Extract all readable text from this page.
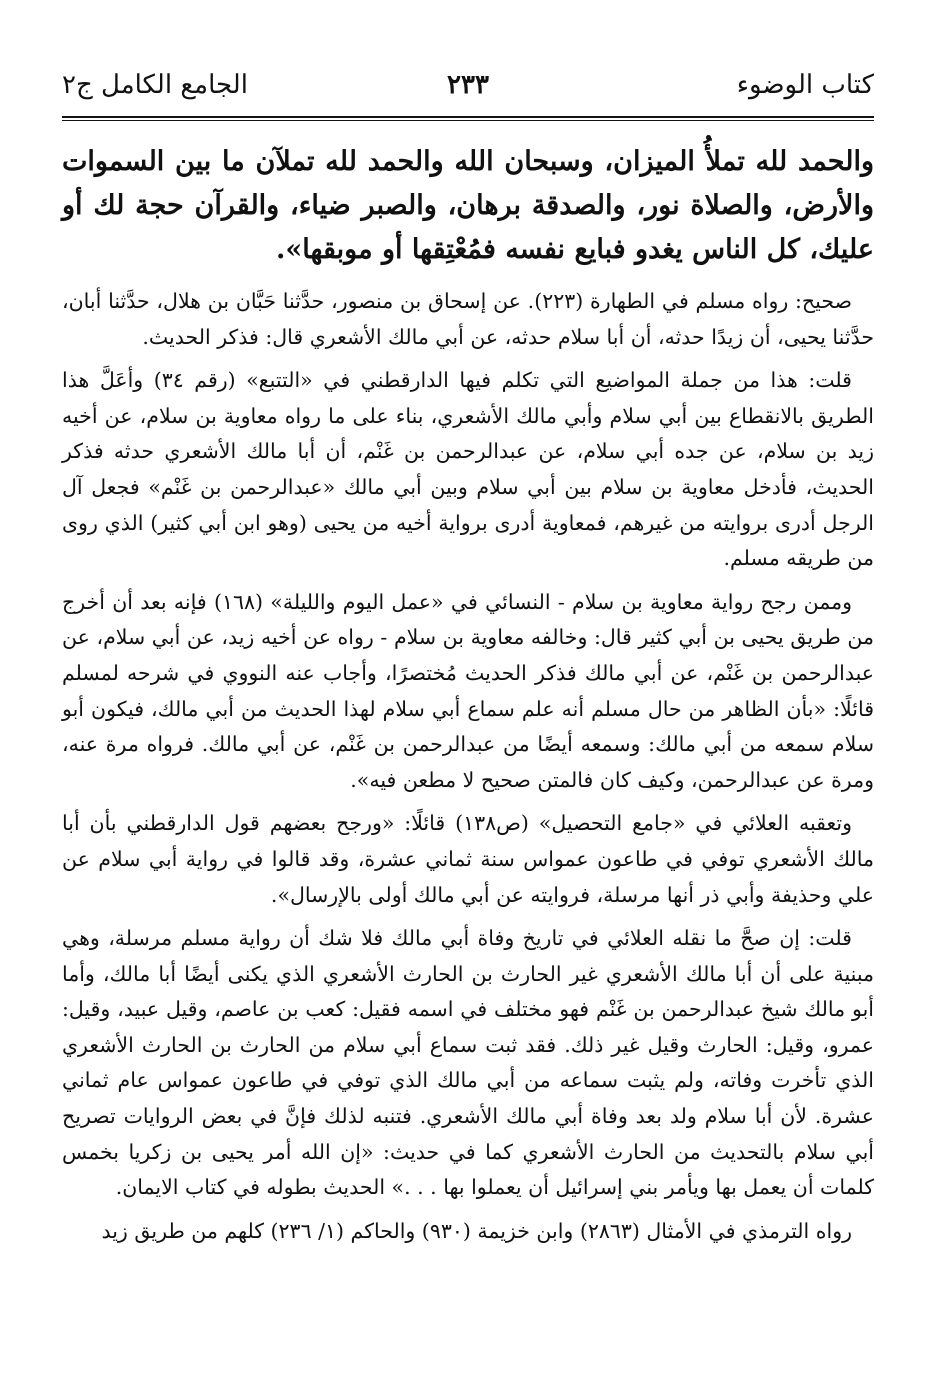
كتاب الوضوء
٢٣٣
الجامع الكامل ج٢

والحمد لله تملأُ الميزان، وسبحان الله والحمد لله تملآن ما بين السموات والأرض، والصلاة نور، والصدقة برهان، والصبر ضياء، والقرآن حجة لك أو عليك، كل الناس يغدو فبايع نفسه فمُعْتِقها أو موبقها».

صحيح: رواه مسلم في الطهارة (٢٢٣). عن إسحاق بن منصور، حدَّثنا حَبَّان بن هلال، حدَّثنا أبان، حدَّثنا يحيى، أن زيدًا حدثه، أن أبا سلام حدثه، عن أبي مالك الأشعري قال: فذكر الحديث.

قلت: هذا من جملة المواضيع التي تكلم فيها الدارقطني في «التتبع» (رقم ٣٤) وأعَلَّ هذا الطريق بالانقطاع بين أبي سلام وأبي مالك الأشعري، بناء على ما رواه معاوية بن سلام، عن أخيه زيد بن سلام، عن جده أبي سلام، عن عبدالرحمن بن غَنْم، أن أبا مالك الأشعري حدثه فذكر الحديث، فأدخل معاوية بن سلام بين أبي سلام وبين أبي مالك «عبدالرحمن بن غَنْم» فجعل آل الرجل أدرى بروايته من غيرهم، فمعاوية أدرى برواية أخيه من يحيى (وهو ابن أبي كثير) الذي روى من طريقه مسلم.

وممن رجح رواية معاوية بن سلام - النسائي في «عمل اليوم والليلة» (١٦٨) فإنه بعد أن أخرج من طريق يحيى بن أبي كثير قال: وخالفه معاوية بن سلام - رواه عن أخيه زيد، عن أبي سلام، عن عبدالرحمن بن غَنْم، عن أبي مالك فذكر الحديث مُختصرًا، وأجاب عنه النووي في شرحه لمسلم قائلًا: «بأن الظاهر من حال مسلم أنه علم سماع أبي سلام لهذا الحديث من أبي مالك، فيكون أبو سلام سمعه من أبي مالك: وسمعه أيضًا من عبدالرحمن بن غَنْم، عن أبي مالك. فرواه مرة عنه، ومرة عن عبدالرحمن، وكيف كان فالمتن صحيح لا مطعن فيه».

وتعقبه العلائي في «جامع التحصيل» (ص١٣٨) قائلًا: «ورجح بعضهم قول الدارقطني بأن أبا مالك الأشعري توفي في طاعون عمواس سنة ثماني عشرة، وقد قالوا في رواية أبي سلام عن علي وحذيفة وأبي ذر أنها مرسلة، فروايته عن أبي مالك أولى بالإرسال».

قلت: إن صحَّ ما نقله العلائي في تاريخ وفاة أبي مالك فلا شك أن رواية مسلم مرسلة، وهي مبنية على أن أبا مالك الأشعري غير الحارث بن الحارث الأشعري الذي يكنى أيضًا أبا مالك، وأما أبو مالك شيخ عبدالرحمن بن غَنْم فهو مختلف في اسمه فقيل: كعب بن عاصم، وقيل عبيد، وقيل: عمرو، وقيل: الحارث وقيل غير ذلك. فقد ثبت سماع أبي سلام من الحارث بن الحارث الأشعري الذي تأخرت وفاته، ولم يثبت سماعه من أبي مالك الذي توفي في طاعون عمواس عام ثماني عشرة. لأن أبا سلام ولد بعد وفاة أبي مالك الأشعري. فتنبه لذلك فإنَّ في بعض الروايات تصريح أبي سلام بالتحديث من الحارث الأشعري كما في حديث: «إن الله أمر يحيى بن زكريا بخمس كلمات أن يعمل بها ويأمر بني إسرائيل أن يعملوا بها . . .» الحديث بطوله في كتاب الايمان.

رواه الترمذي في الأمثال (٢٨٦٣) وابن خزيمة (٩٣٠) والحاكم (١/ ٢٣٦) كلهم من طريق زيد
